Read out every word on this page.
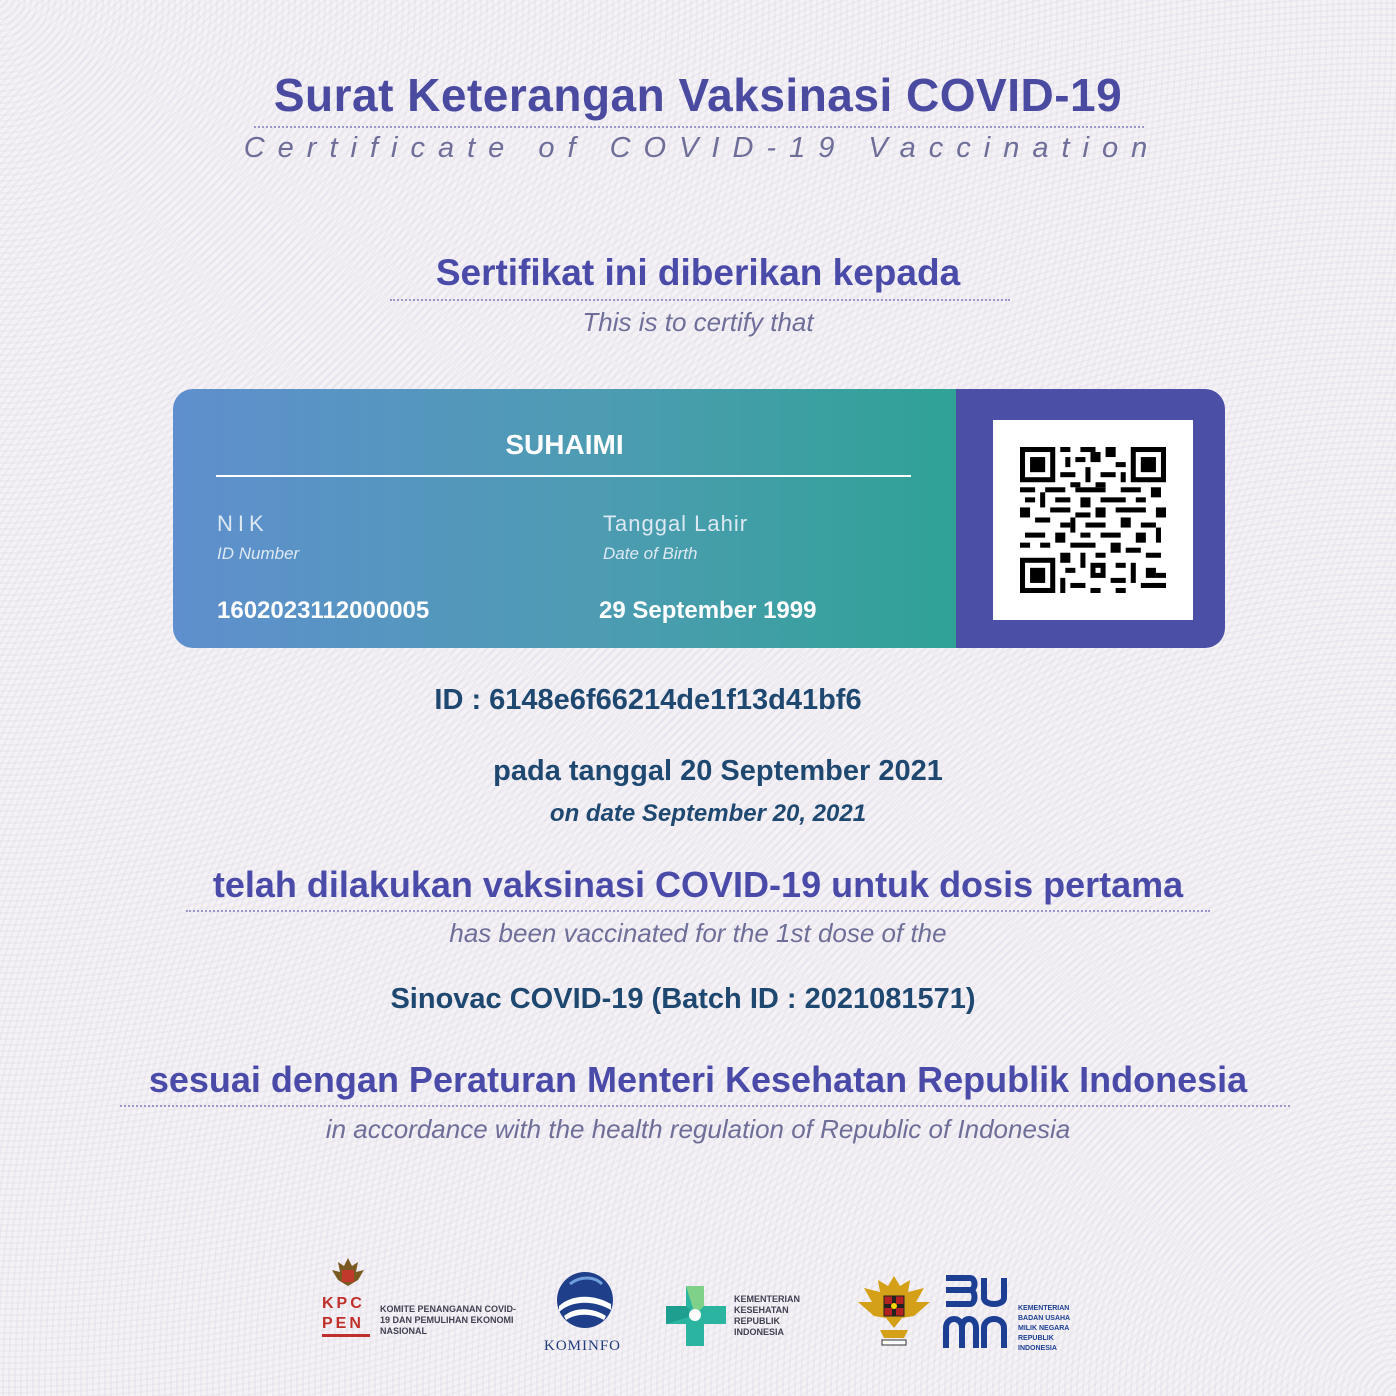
Surat Keterangan Vaksinasi COVID-19
Certificate of COVID-19 Vaccination
Sertifikat ini diberikan kepada
This is to certify that
SUHAIMI
NIK
ID Number
1602023112000005
Tanggal Lahir
Date of Birth
29 September 1999
ID : 6148e6f66214de1f13d41bf6
pada tanggal 20 September 2021
on date September 20, 2021
telah dilakukan vaksinasi COVID-19 untuk dosis pertama
has been vaccinated for the 1st dose of the
Sinovac COVID-19 (Batch ID : 2021081571)
sesuai dengan Peraturan Menteri Kesehatan Republik Indonesia
in accordance with the health regulation of Republic of Indonesia
KPC
PEN
KOMITE PENANGANAN COVID-19 DAN PEMULIHAN EKONOMI NASIONAL
KOMINFO
KEMENTERIAN KESEHATAN REPUBLIK INDONESIA
KEMENTERIAN BADAN USAHA MILIK NEGARA REPUBLIK INDONESIA
